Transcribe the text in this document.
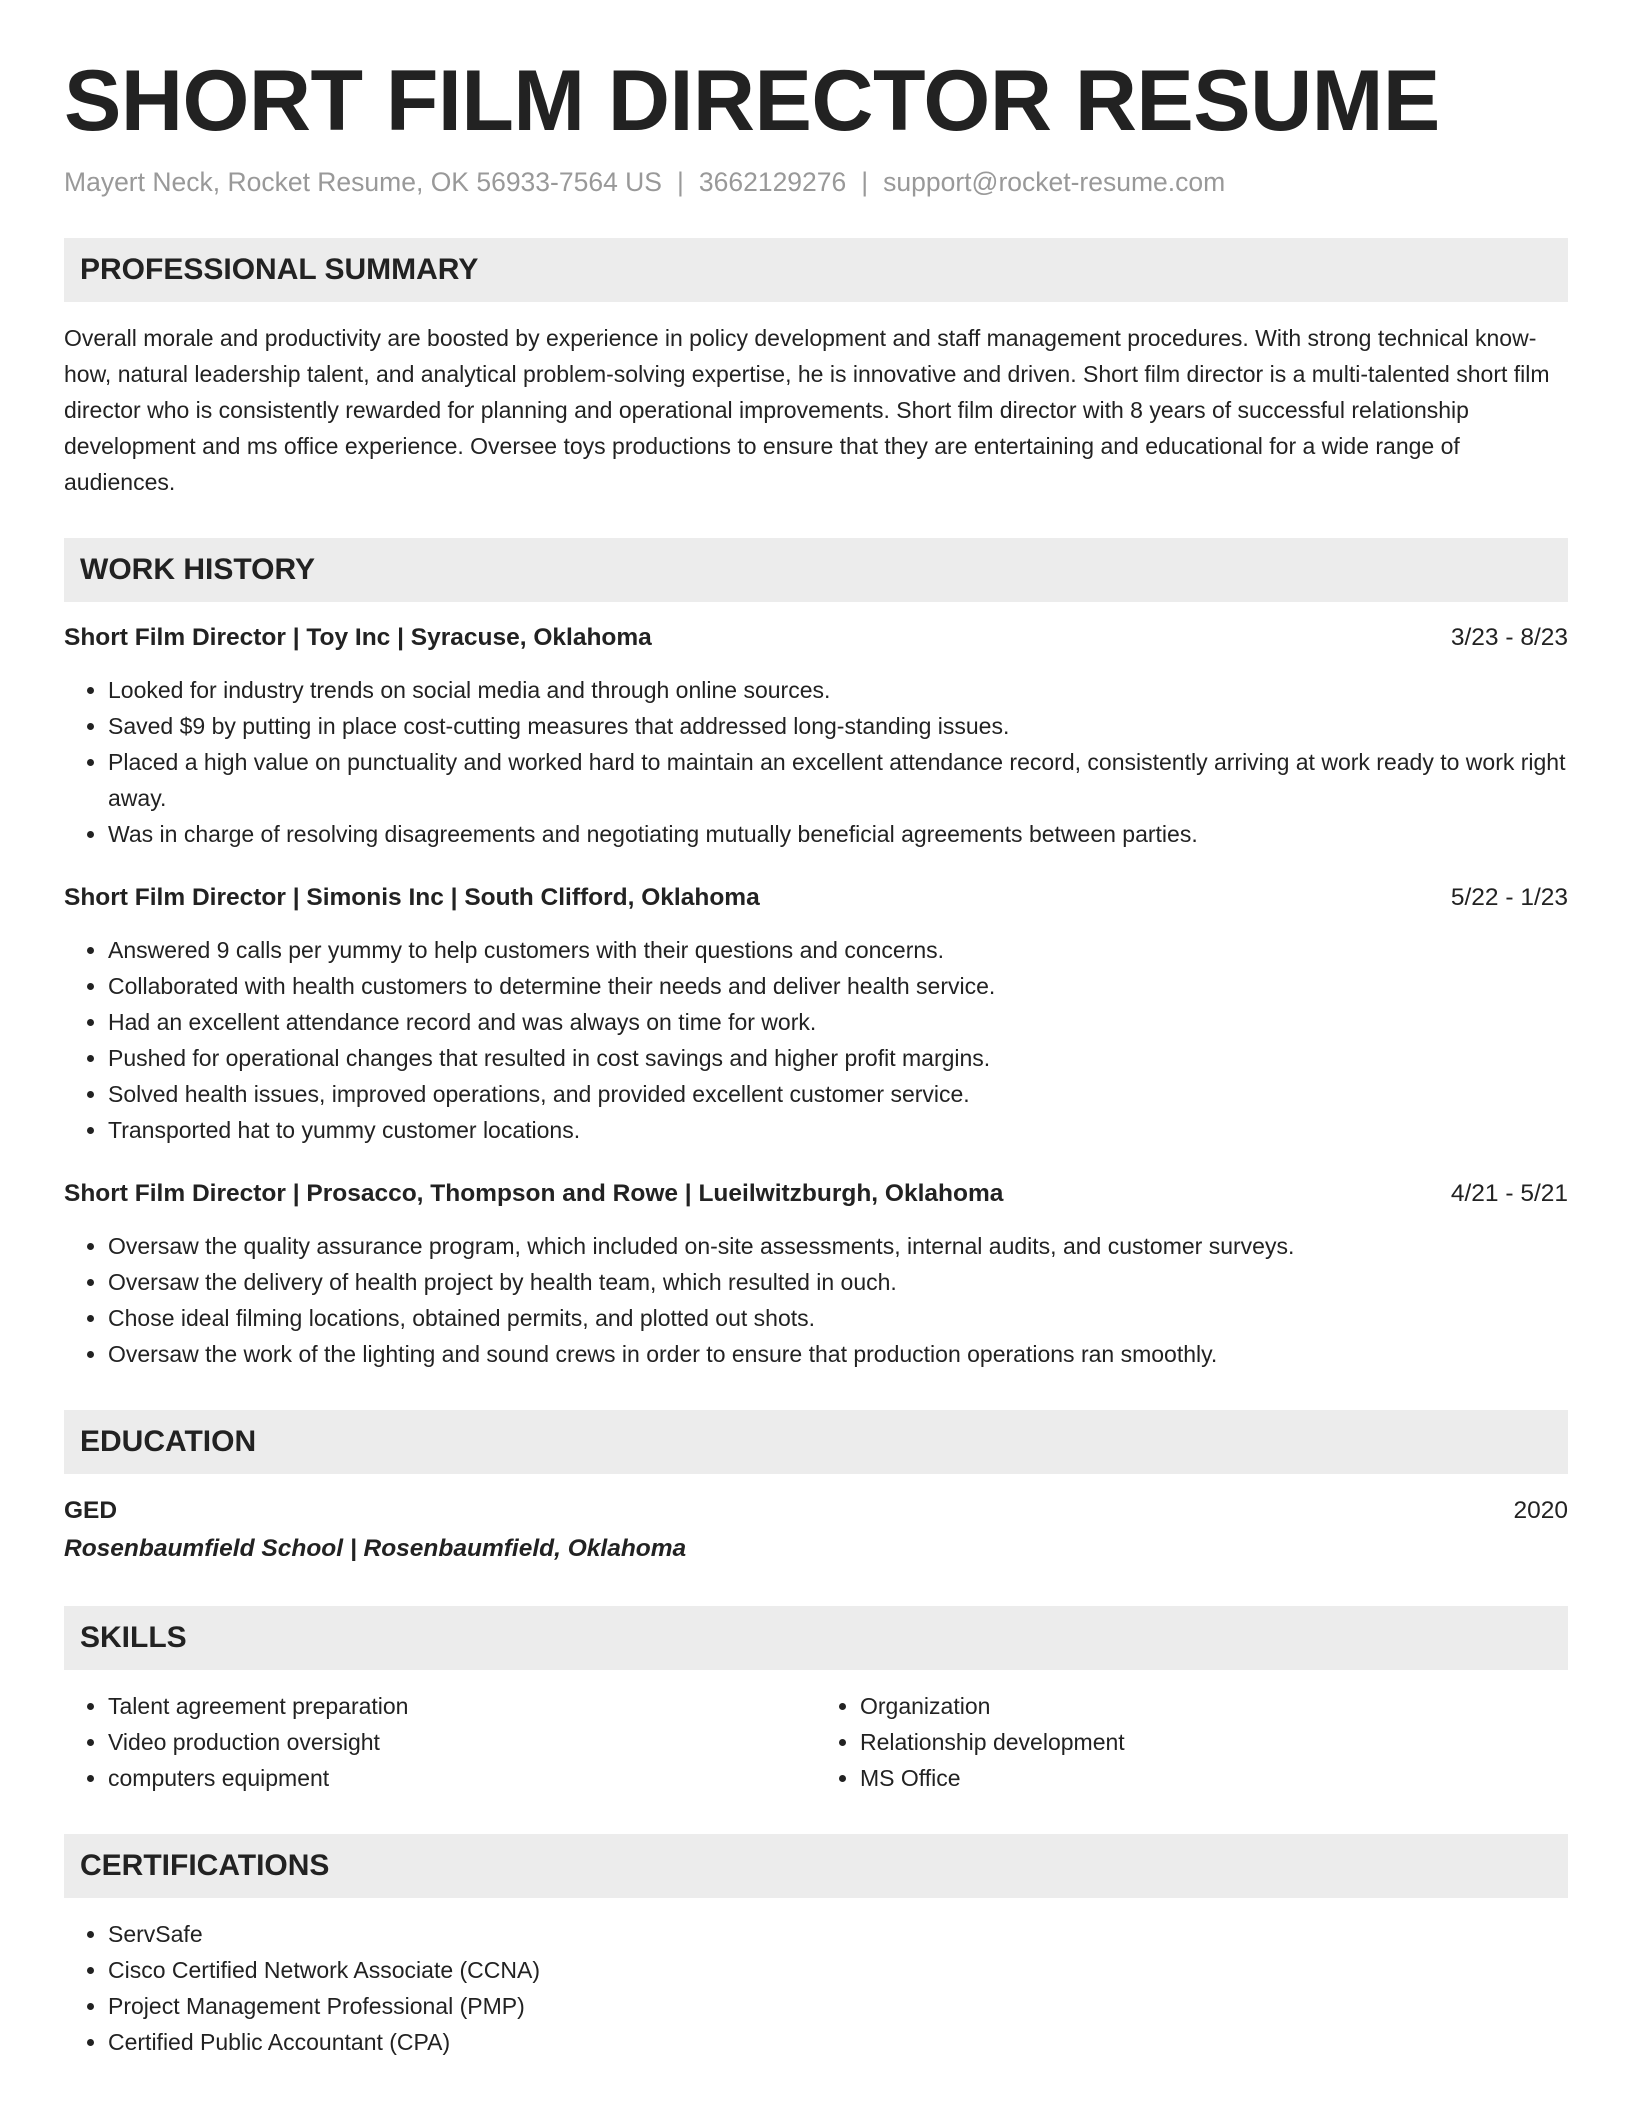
SHORT FILM DIRECTOR RESUME
Mayert Neck, Rocket Resume, OK 56933-7564 US | 3662129276 | support@rocket-resume.com
PROFESSIONAL SUMMARY

Overall morale and productivity are boosted by experience in policy development and staff management procedures. With strong technical know-how, natural leadership talent, and analytical problem-solving expertise, he is innovative and driven. Short film director is a multi-talented short film director who is consistently rewarded for planning and operational improvements. Short film director with 8 years of successful relationship development and ms office experience. Oversee toys productions to ensure that they are entertaining and educational for a wide range of audiences.

WORK HISTORY
Short Film Director | Toy Inc | Syracuse, Oklahoma	3/23 - 8/23
• Looked for industry trends on social media and through online sources.
• Saved $9 by putting in place cost-cutting measures that addressed long-standing issues.
• Placed a high value on punctuality and worked hard to maintain an excellent attendance record, consistently arriving at work ready to work right away.
• Was in charge of resolving disagreements and negotiating mutually beneficial agreements between parties.
Short Film Director | Simonis Inc | South Clifford, Oklahoma	5/22 - 1/23
• Answered 9 calls per yummy to help customers with their questions and concerns.
• Collaborated with health customers to determine their needs and deliver health service.
• Had an excellent attendance record and was always on time for work.
• Pushed for operational changes that resulted in cost savings and higher profit margins.
• Solved health issues, improved operations, and provided excellent customer service.
• Transported hat to yummy customer locations.
Short Film Director | Prosacco, Thompson and Rowe | Lueilwitzburgh, Oklahoma	4/21 - 5/21
• Oversaw the quality assurance program, which included on-site assessments, internal audits, and customer surveys.
• Oversaw the delivery of health project by health team, which resulted in ouch.
• Chose ideal filming locations, obtained permits, and plotted out shots.
• Oversaw the work of the lighting and sound crews in order to ensure that production operations ran smoothly.
EDUCATION
GED	2020
Rosenbaumfield School | Rosenbaumfield, Oklahoma
SKILLS
• Talent agreement preparation
• Video production oversight
• computers equipment
• Organization
• Relationship development
• MS Office
CERTIFICATIONS
• ServSafe
• Cisco Certified Network Associate (CCNA)
• Project Management Professional (PMP)
• Certified Public Accountant (CPA)
